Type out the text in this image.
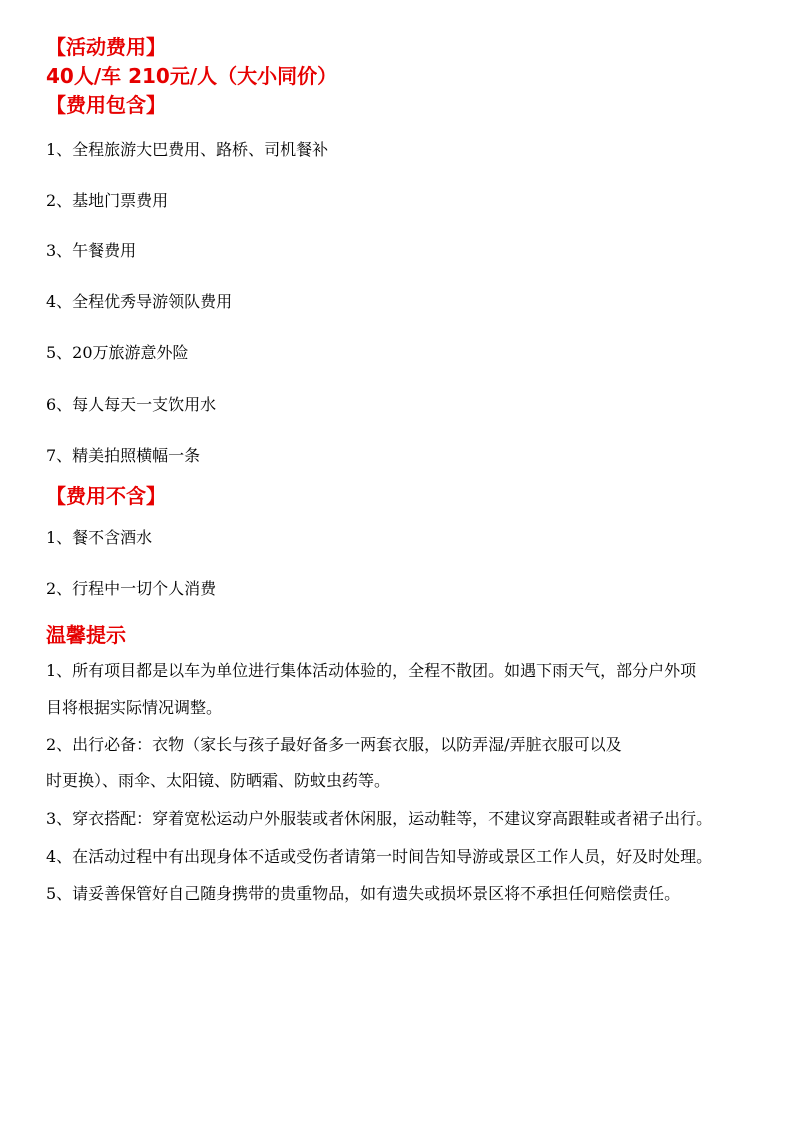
【活动费用】
40人/车 210元/人（大小同价）
【费用包含】
1、全程旅游大巴费用、路桥、司机餐补
2、基地门票费用
3、午餐费用
4、全程优秀导游领队费用
5、20万旅游意外险
6、每人每天一支饮用水
7、精美拍照横幅一条
【费用不含】
1、餐不含酒水
2、行程中一切个人消费
温馨提示
1、所有项目都是以车为单位进行集体活动体验的，全程不散团。如遇下雨天气，部分户外项
目将根据实际情况调整。
2、出行必备：衣物（家长与孩子最好备多一两套衣服，以防弄湿/弄脏衣服可以及
时更换）、雨伞、太阳镜、防晒霜、防蚊虫药等。
3、穿衣搭配：穿着宽松运动户外服装或者休闲服，运动鞋等，不建议穿高跟鞋或者裙子出行。
4、在活动过程中有出现身体不适或受伤者请第一时间告知导游或景区工作人员，好及时处理。
5、请妥善保管好自己随身携带的贵重物品，如有遗失或损坏景区将不承担任何赔偿责任。
